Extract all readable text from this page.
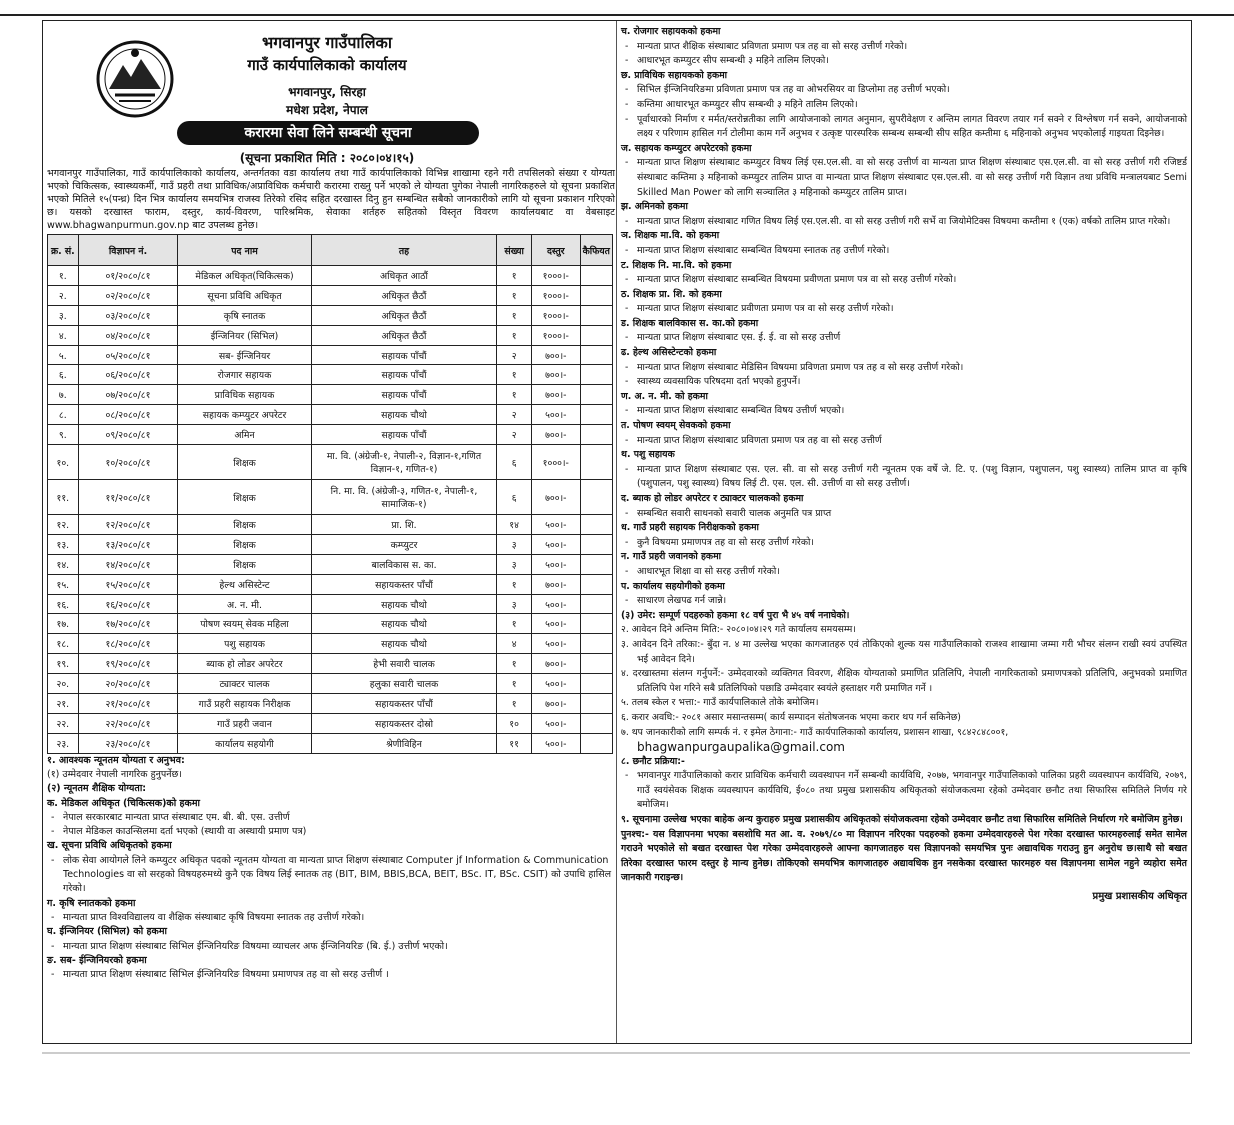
भगवानपुर गाउँपालिका
गाउँ कार्यपालिकाको कार्यालय
भगवानपुर, सिरहा
मधेश प्रदेश, नेपाल
करारमा सेवा लिने सम्बन्धी सूचना
(सूचना प्रकाशित मिति : २०८०।०४।१५)
भगवानपुर गाउँपालिका, गाउँ कार्यपालिकाको कार्यालय, अन्तर्गतका वडा कार्यालय तथा गाउँ कार्यपालिकाको विभिन्न शाखामा रहने गरी तपसिलको संख्या र योग्यता भएको चिकित्सक, स्वास्थ्यकर्मी, गाउँ प्रहरी तथा प्राविधिक/अप्राविधिक कर्मचारी करारमा राख्नु पर्ने भएको ले योग्यता पुगेका नेपाली नागरिकहरुले यो सूचना प्रकाशित भएको मितिले १५(पन्ध्र) दिन भित्र कार्यालय समयभित्र राजस्व तिरेको रसिद सहित दरखास्त दिनु हुन सम्बन्धित सबैको जानकारीको लागि यो सूचना प्रकाशन गरिएको छ। यसको दरखास्त फाराम, दस्तुर, कार्य-विवरण, पारिश्रमिक, सेवाका शर्तहरु सहितको विस्तृत विवरण कार्यालयबाट वा वेबसाइट www.bhagwanpurmun.gov.np बाट उपलब्ध हुनेछ।
क्र. सं.	विज्ञापन नं.	पद नाम	तह	संख्या	दस्तुर	कैफियत
१.	०१/२०८०/८१	मेडिकल अधिकृत(चिकित्सक)	अधिकृत आठौं	१	१०००।-	
२.	०२/२०८०/८१	सूचना प्रविधि अधिकृत	अधिकृत छैठौं	१	१०००।-	
३.	०३/२०८०/८१	कृषि स्नातक	अधिकृत छैठौं	१	१०००।-	
४.	०४/२०८०/८१	ईन्जिनियर (सिभिल)	अधिकृत छैठौं	१	१०००।-	
५.	०५/२०८०/८१	सब- ईन्जिनियर	सहायक पाँचौं	२	७००।-	
६.	०६/२०८०/८१	रोजगार सहायक	सहायक पाँचौं	१	७००।-	
७.	०७/२०८०/८१	प्राविधिक सहायक	सहायक पाँचौं	१	७००।-	
८.	०८/२०८०/८१	सहायक कम्प्युटर अपरेटर	सहायक चौथो	२	५००।-	
९.	०९/२०८०/८१	अमिन	सहायक पाँचौं	२	७००।-	
१०.	१०/२०८०/८१	शिक्षक	मा. वि. (अंग्रेजी-१, नेपाली-२, विज्ञान-१,गणित विज्ञान-१, गणित-१)	६	१०००।-	
११.	११/२०८०/८१	शिक्षक	नि. मा. वि. (अंग्रेजी-३, गणित-१, नेपाली-१, सामाजिक-१)	६	७००।-	
१२.	१२/२०८०/८१	शिक्षक	प्रा. शि.	१४	५००।-	
१३.	१३/२०८०/८१	शिक्षक	कम्प्युटर	३	५००।-	
१४.	१४/२०८०/८१	शिक्षक	बालविकास स. का.	३	५००।-	
१५.	१५/२०८०/८१	हेल्थ असिस्टेन्ट	सहायकस्तर पाँचौं	१	७००।-	
१६.	१६/२०८०/८१	अ. न. मी.	सहायक चौथो	३	५००।-	
१७.	१७/२०८०/८१	पोषण स्वयम् सेवक महिला	सहायक चौथो	१	५००।-	
१८.	१८/२०८०/८१	पशु सहायक	सहायक चौथो	४	५००।-	
१९.	१९/२०८०/८१	ब्याक हो लोडर अपरेटर	हेभी सवारी चालक	१	७००।-	
२०.	२०/२०८०/८१	ट्याक्टर चालक	हलुका सवारी चालक	१	५००।-	
२१.	२१/२०८०/८१	गाउँ प्रहरी सहायक निरीक्षक	सहायकस्तर पाँचौं	१	७००।-	
२२.	२२/२०८०/८१	गाउँ प्रहरी जवान	सहायकस्तर दोस्रो	१०	५००।-	
२३.	२३/२०८०/८१	कार्यालय सहयोगी	श्रेणीविहिन	११	५००।-	
१. आवश्यक न्यूनतम योग्यता र अनुभव:
(१) उम्मेदवार नेपाली नागरिक हुनुपर्नेछ।
(२) न्यूनतम शैक्षिक योग्यता:
क. मेडिकल अधिकृत (चिकित्सक)को हकमा
- नेपाल सरकारबाट मान्यता प्राप्त संस्थाबाट एम. बी. बी. एस. उत्तीर्ण
- नेपाल मेडिकल काउन्सिलमा दर्ता भएको (स्थायी वा अस्थायी प्रमाण पत्र)
ख. सूचना प्रविधि अधिकृतको हकमा
- लोक सेवा आयोगले लिने कम्प्युटर अधिकृत पदको न्यूनतम योग्यता वा मान्यता प्राप्त शिक्षण संस्थाबाट Computer jf Information & Communication Technologies वा सो सरहको विषयहरुमध्ये कुनै एक विषय लिई स्नातक तह (BIT, BIM, BBIS,BCA, BEIT, BSc. IT, BSc. CSIT) को उपाधि हासिल गरेको।
ग. कृषि स्नातकको हकमा
- मान्यता प्राप्त विश्वविद्यालय वा शैक्षिक संस्थाबाट कृषि विषयमा स्नातक तह उत्तीर्ण गरेको।
घ. ईन्जिनियर (सिभिल) को हकमा
- मान्यता प्राप्त शिक्षण संस्थाबाट सिभिल ईन्जिनियरिङ विषयमा व्याचलर अफ ईन्जिनियरिङ (बि. ई.) उत्तीर्ण भएको।
ङ. सब- ईन्जिनियरको हकमा
- मान्यता प्राप्त शिक्षण संस्थाबाट सिभिल ईन्जिनियरिङ विषयमा प्रमाणपत्र तह वा सो सरह उत्तीर्ण ।
च. रोजगार सहायकको हकमा
- मान्यता प्राप्त शैक्षिक संस्थाबाट प्रविणता प्रमाण पत्र तह वा सो सरह उत्तीर्ण गरेको।
- आधारभूत कम्प्युटर सीप सम्बन्धी ३ महिने तालिम लिएको।
छ. प्राविधिक सहायकको हकमा
- सिभिल ईन्जिनियरिङमा प्रविणता प्रमाण पत्र तह वा ओभरसियर वा डिप्लोमा तह उत्तीर्ण भएको।
- कम्तिमा आधारभूत कम्प्युटर सीप सम्बन्धी ३ महिने तालिम लिएको।
- पूर्वाधारको निर्माण र मर्मत/स्तरोन्नतीका लागि आयोजनाको लागत अनुमान, सुपरीवेक्षण र अन्तिम लागत विवरण तयार गर्न सक्ने र विश्लेषण गर्न सक्ने, आयोजनाको लक्ष्य र परिणाम हासिल गर्न टोलीमा काम गर्ने अनुभव र उत्कृष्ट पारस्परिक सम्बन्ध सम्बन्धी सीप सहित कम्तीमा ६ महिनाको अनुभव भएकोलाई गाइयता दिइनेछ।
ज. सहायक कम्प्युटर अपरेटरको हकमा
- मान्यता प्राप्त शिक्षण संस्थाबाट कम्प्युटर विषय लिई एस.एल.सी. वा सो सरह उत्तीर्ण वा मान्यता प्राप्त शिक्षण संस्थाबाट एस.एल.सी. वा सो सरह उत्तीर्ण गरी रजिष्टर्ड संस्थाबाट कम्तिमा ३ महिनाको कम्प्युटर तालिम प्राप्त वा मान्यता प्राप्त शिक्षण संस्थाबाट एस.एल.सी. वा सो सरह उत्तीर्ण गरी विज्ञान तथा प्रविधि मन्त्रालयबाट Semi Skilled Man Power को लागि सञ्चालित ३ महिनाको कम्प्युटर तालिम प्राप्त।
झ. अमिनको हकमा
- मान्यता प्राप्त शिक्षण संस्थाबाट गणित विषय लिई एस.एल.सी. वा सो सरह उत्तीर्ण गरी सर्भे वा जियोमेटिक्स विषयमा कम्तीमा १ (एक) वर्षको तालिम प्राप्त गरेको।
ञ. शिक्षक मा.वि. को हकमा
- मान्यता प्राप्त शिक्षण संस्थाबाट सम्बन्धित विषयमा स्नातक तह उत्तीर्ण गरेको।
ट. शिक्षक नि. मा.वि. को हकमा
- मान्यता प्राप्त शिक्षण संस्थाबाट सम्बन्धित विषयमा प्रवीणता प्रमाण पत्र वा सो सरह उत्तीर्ण गरेको।
ठ. शिक्षक प्रा. शि. को हकमा
- मान्यता प्राप्त शिक्षण संस्थाबाट प्रवीणता प्रमाण पत्र वा सो सरह उत्तीर्ण गरेको।
ड. शिक्षक बालविकास स. का.को हकमा
- मान्यता प्राप्त शिक्षण संस्थाबाट एस. ई. ई. वा सो सरह उत्तीर्ण
ढ. हेल्थ असिस्टेन्टको हकमा
- मान्यता प्राप्त शिक्षण संस्थाबाट मेडिसिन विषयमा प्रविणता प्रमाण पत्र तह व सो सरह उत्तीर्ण गरेको।
- स्वास्थ्य व्यवसायिक परिषदमा दर्ता भएको हुनुपर्ने।
ण. अ. न. मी. को हकमा
- मान्यता प्राप्त शिक्षण संस्थाबाट सम्बन्धित विषय उत्तीर्ण भएको।
त. पोषण स्वयम् सेवकको हकमा
- मान्यता प्राप्त शिक्षण संस्थाबाट प्रविणता प्रमाण पत्र तह वा सो सरह उत्तीर्ण
थ. पशु सहायक
- मान्यता प्राप्त शिक्षण संस्थाबाट एस. एल. सी. वा सो सरह उत्तीर्ण गरी न्यूनतम एक वर्षे जे. टि. ए. (पशु विज्ञान, पशुपालन, पशु स्वास्थ्य) तालिम प्राप्त वा कृषि (पशुपालन, पशु स्वास्थ्य) विषय लिई टी. एस. एल. सी. उत्तीर्ण वा सो सरह उत्तीर्ण।
द. ब्याक हो लोडर अपरेटर र ट्याक्टर चालकको हकमा
- सम्बन्धित सवारी साधनको सवारी चालक अनुमति पत्र प्राप्त
ध. गाउँ प्रहरी सहायक निरीक्षकको हकमा
- कुनै विषयमा प्रमाणपत्र तह वा सो सरह उत्तीर्ण गरेको।
न. गाउँ प्रहरी जवानको हकमा
- आधारभूत शिक्षा वा सो सरह उत्तीर्ण गरेको।
प. कार्यालय सहयोगीको हकमा
- साधारण लेखपढ गर्न जान्ने।
(३) उमेर: सम्पूर्ण पदहरुको हकमा १८ वर्ष पुरा भै ४५ वर्ष ननाघेको।
२. आवेदन दिने अन्तिम मिति:- २०८०।०४।२९ गते कार्यालय समयसम्म।
३. आवेदन दिने तरिका:- बुँदा न. ४ मा उल्लेख भएका कागजातहरु एवं तोकिएको शुल्क यस गाउँपालिकाको राजश्व शाखामा जम्मा गरी भौचर संलग्न राखी स्वयं उपस्थित भई आवेदन दिने।
४. दरखास्तमा संलग्न गर्नुपर्ने:- उम्मेदवारको व्यक्तिगत विवरण, शैक्षिक योग्यताको प्रमाणित प्रतिलिपि, नेपाली नागरिकताको प्रमाणपत्रको प्रतिलिपि, अनुभवको प्रमाणित प्रतिलिपि पेश गरिने सबै प्रतिलिपिको पछाडि उम्मेदवार स्वयंले हस्ताक्षर गरी प्रमाणित गर्ने ।
५. तलब स्केल र भत्ता:- गाउँ कार्यपालिकाले तोके बमोजिम।
६. करार अवधि:- २०८१ असार मसान्तसम्म( कार्य सम्पादन संतोषजनक भएमा करार थप गर्न सकिनेछ)
७. थप जानकारीको लागि सम्पर्क नं. र इमेल ठेगाना:- गाउँ कार्यपालिकाको कार्यालय, प्रशासन शाखा, ९८४२८४८००१,
bhagwanpurgaupalika@gmail.com
८. छनौट प्रक्रिया:-
- भगवानपुर गाउँपालिकाको करार प्राविधिक कर्मचारी व्यवस्थापन गर्ने सम्बन्धी कार्यविधि, २०७७, भगवानपुर गाउँपालिकाको पालिका प्रहरी व्यवस्थापन कार्यविधि, २०७९, गाउँ स्वयंसेवक शिक्षक व्यवस्थापन कार्यविधि, ई०८० तथा प्रमुख प्रशासकीय अधिकृतको संयोजकत्वमा रहेको उम्मेदवार छनौट तथा सिफारिस समितिले निर्णय गरे बमोजिम।
९. सूचनामा उल्लेख भएका बाहेक अन्य कुराहरु प्रमुख प्रशासकीय अधिकृतको संयोजकत्वमा रहेको उम्मेदवार छनौट तथा सिफारिस समितिले निर्धारण गरे बमोजिम हुनेछ।
पुनश्च:- यस विज्ञापनमा भएका बसशोधि मत आ. व. २०७९/८० मा विज्ञापन नरिएका पदहरुको हकमा उम्मेदवारहरुले पेश गरेका दरखास्त फारमहरुलाई समेत सामेल गराउने भएकोले सो बखत दरखास्त पेश गरेका उम्मेदवारहरुले आफ्ना कागजातहरु यस विज्ञापनको समयभित्र पुनः अद्यावधिक गराउनु हुन अनुरोध छ।साथै सो बखत तिरेका दरखास्त फारम दस्तुर हे मान्य हुनेछ। तोकिएको समयभित्र कागजातहरु अद्यावधिक हुन नसकेका दरखास्त फारमहरु यस विज्ञापनमा सामेल नहुने व्यहोरा समेत जानकारी गराइन्छ।
प्रमुख प्रशासकीय अधिकृत
